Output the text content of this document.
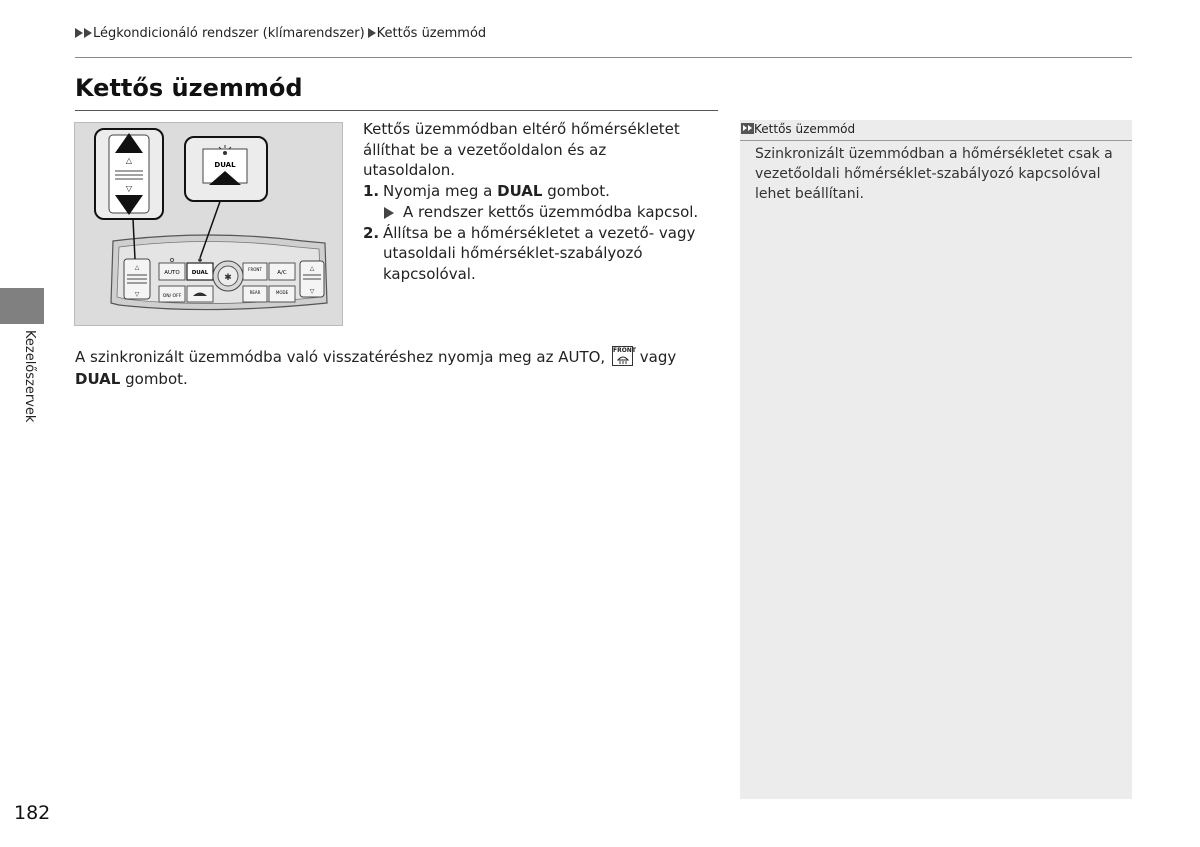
Légkondicionáló rendszer (klímarendszer) Kettős üzemmód
Kettős üzemmód
△
▽
△
▽
AUTO DUAL ✱
FRONT
A/C
ON/ OFF
REAR	MODE
△
▽
DUAL

Kettős üzemmódban eltérő hőmérsékletet állíthat be a vezetőoldalon és az utasoldalon.

1. Nyomja meg a DUAL gombot.

A rendszer kettős üzemmódba kapcsol.

2. Állítsa be a hőmérsékletet a vezető- vagy utasoldali hőmérséklet-szabályozó kapcsolóval.

A szinkronizált üzemmódba való visszatéréshez nyomja meg az AUTO, FRONT vagy
DUAL gombot.
Kettős üzemmód
Szinkronizált üzemmódban a hőmérsékletet csak a vezetőoldali hőmérséklet-szabályozó kapcsolóval lehet beállítani.
Kezelőszervek
182
